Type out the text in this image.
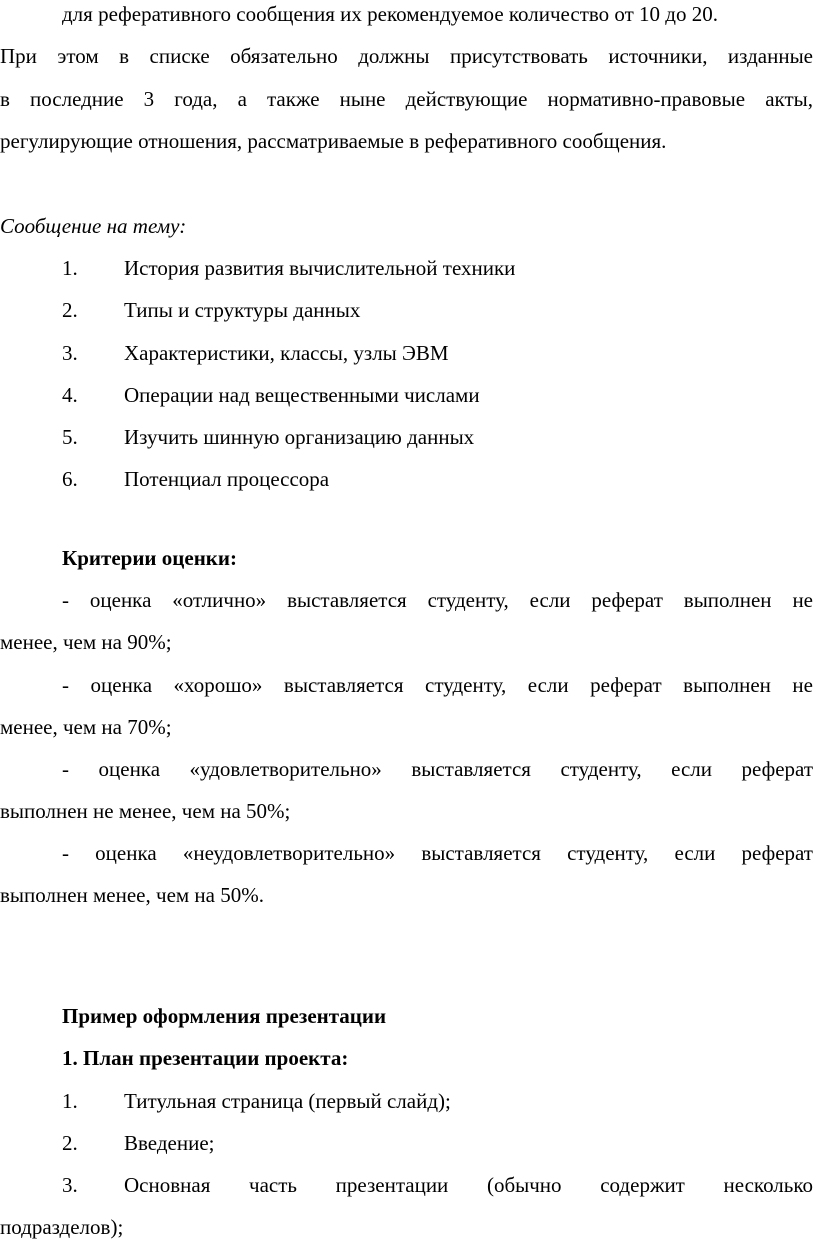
для реферативного сообщения их рекомендуемое количество от 10 до 20.
При этом в списке обязательно должны присутствовать источники, изданные
в последние 3 года, а также ныне действующие нормативно-правовые акты,
регулирующие отношения, рассматриваемые в реферативного сообщения.
Сообщение на тему:
1. История развития вычислительной техники
2. Типы и структуры данных
3. Характеристики, классы, узлы ЭВМ
4. Операции над вещественными числами
5. Изучить шинную организацию данных
6. Потенциал процессора
Критерии оценки:
- оценка «отлично» выставляется студенту, если реферат выполнен не
менее, чем на 90%;
- оценка «хорошо» выставляется студенту, если реферат выполнен не
менее, чем на 70%;
- оценка «удовлетворительно» выставляется студенту, если реферат
выполнен не менее, чем на 50%;
- оценка «неудовлетворительно» выставляется студенту, если реферат
выполнен менее, чем на 50%.
Пример оформления презентации
1. План презентации проекта:
1. Титульная страница (первый слайд);
2. Введение;
3. Основная часть презентации (обычно содержит несколько
подразделов);
